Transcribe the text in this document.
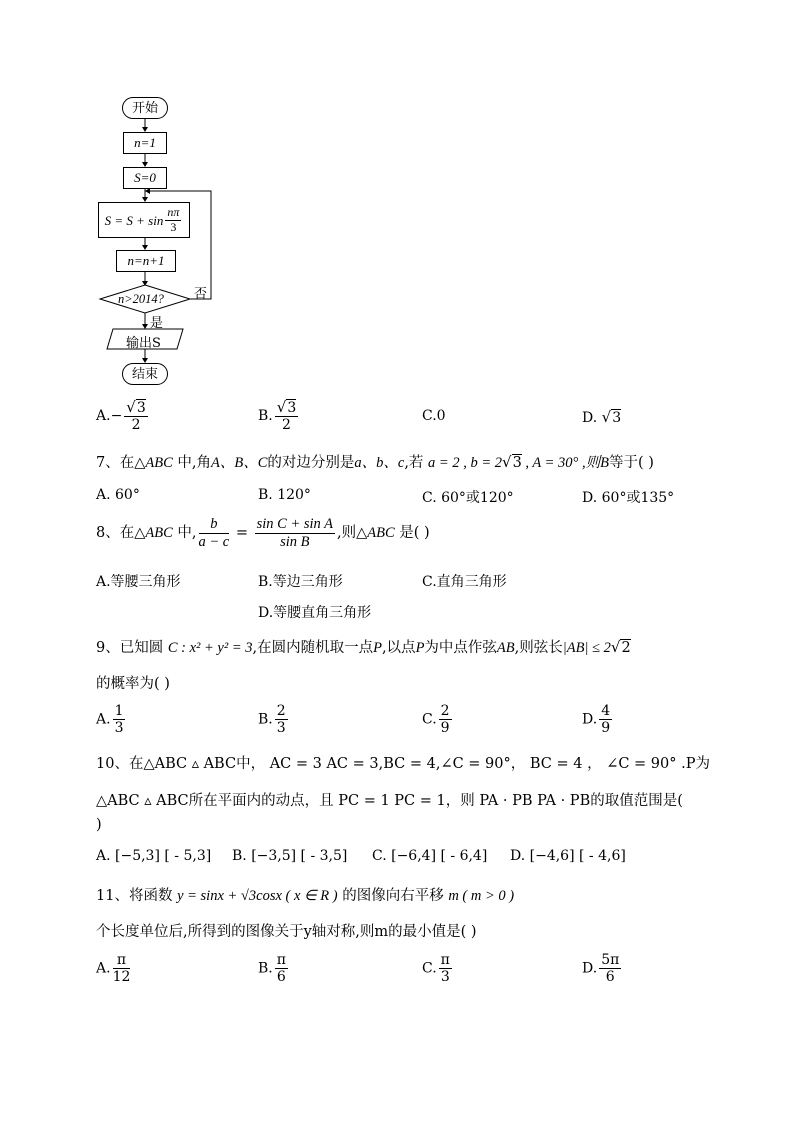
开始
n=1
S=0
$S = S + \sin \frac{n\pi}{3}$
n=n+1
n>2014? 否
是
输出S
结束
$A.- \frac{√3}{2}$	B. $\frac{√3}{2}$	C.0	D. √3
7、在△ABC 中,角A、B、C的对边分别是a、b、c,若 a = 2 , b = 2√3 , A = 30° ,则B等于( )
A. 60°	B. 120°	C. 60°或120°	D. 60°或135°
8、在△ABC 中, $\frac{b}{a - c} = \frac{\text{sin C + sin A}}{\text{sin B}}$ ,则△ABC 是( )
A.等腰三角形	B.等边三角形	C.直角三角形
D.等腰直角三角形
9、已知圆 C : x² + y² = 3,在圆内随机取一点P,以点P为中点作弦AB,则弦长|AB| ≤ 2√2
的概率为( )
A. $\frac{1}{3}$	B. $\frac{2}{3}$	C. $\frac{2}{9}$	D. $\frac{4}{9}$
10、在△ABC ▵ ABC中， AC = 3 AC = 3,BC = 4,∠C = 90°， BC = 4 ， ∠C = 90° .P为
△ABC ▵ ABC所在平面内的动点，且 PC = 1 PC = 1，则 PA · PB PA · PB的取值范围是(
)
A. [−5,3] [ - 5,3] B. [−3,5] [ - 3,5] C. [−6,4] [ - 6,4] D. [−4,6] [ - 4,6]
11、将函数 y = sinx + √3cosx ( x ∈ R ) 的图像向右平移 m ( m > 0 )
个长度单位后,所得到的图像关于y轴对称,则m的最小值是( )
A. $\frac{\pi}{12}$	B. $\frac{\pi}{6}$	C. $\frac{\pi}{3}$	D. $\frac{5\pi}{6}$
